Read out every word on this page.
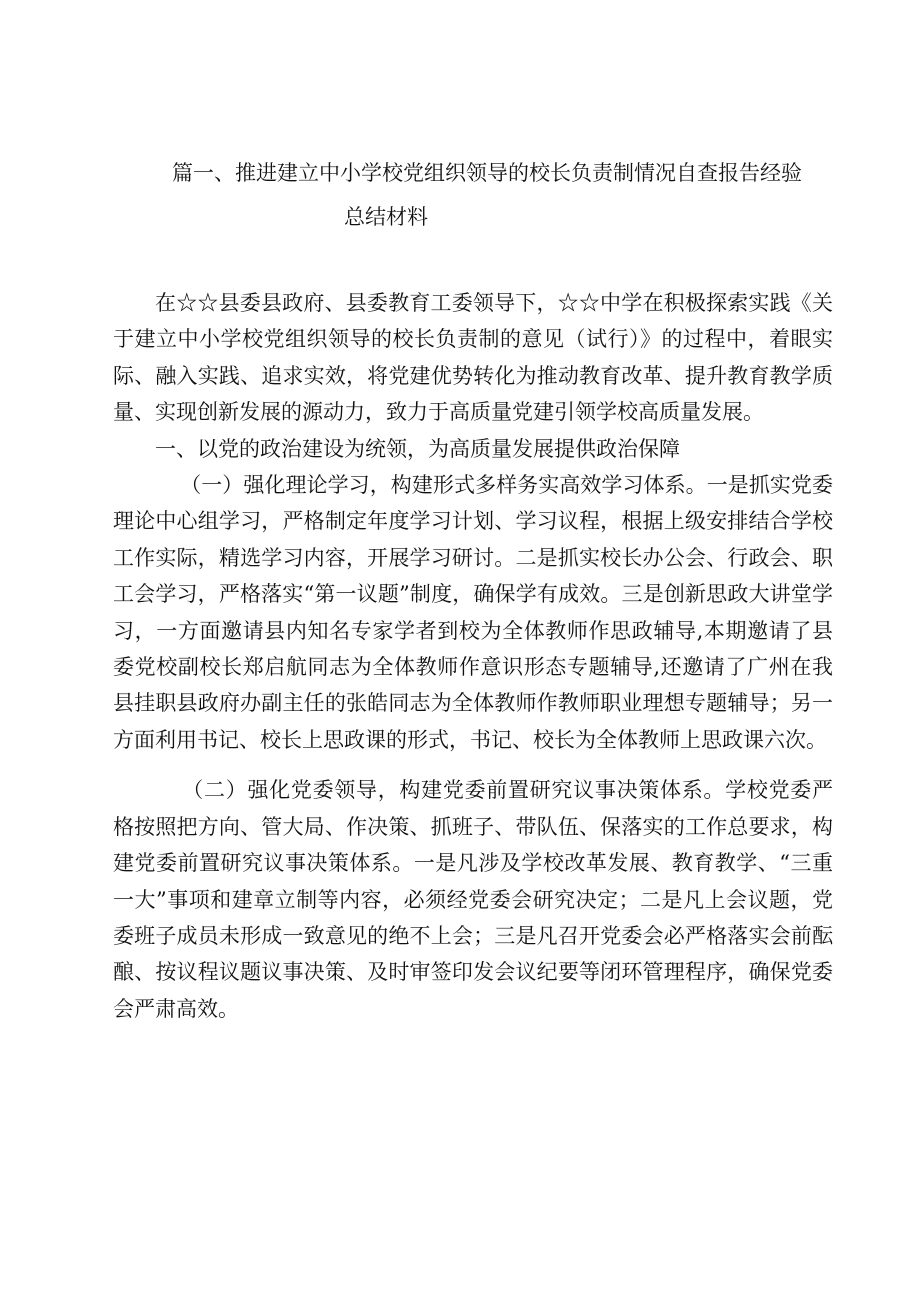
篇一、推进建立中小学校党组织领导的校长负责制情况自查报告经验
总结材料

在☆☆县委县政府、县委教育工委领导下，☆☆中学在积极探索实践《关于建立中小学校党组织领导的校长负责制的意见（试行）》的过程中，着眼实际、融入实践、追求实效，将党建优势转化为推动教育改革、提升教育教学质量、实现创新发展的源动力，致力于高质量党建引领学校高质量发展。

一、以党的政治建设为统领，为高质量发展提供政治保障

（一）强化理论学习，构建形式多样务实高效学习体系。一是抓实党委理论中心组学习，严格制定年度学习计划、学习议程，根据上级安排结合学校工作实际，精选学习内容，开展学习研讨。二是抓实校长办公会、行政会、职工会学习，严格落实“第一议题”制度，确保学有成效。三是创新思政大讲堂学习，一方面邀请县内知名专家学者到校为全体教师作思政辅导,本期邀请了县委党校副校长郑启航同志为全体教师作意识形态专题辅导,还邀请了广州在我县挂职县政府办副主任的张皓同志为全体教师作教师职业理想专题辅导；另一方面利用书记、校长上思政课的形式，书记、校长为全体教师上思政课六次。

（二）强化党委领导，构建党委前置研究议事决策体系。学校党委严格按照把方向、管大局、作决策、抓班子、带队伍、保落实的工作总要求，构建党委前置研究议事决策体系。一是凡涉及学校改革发展、教育教学、“三重一大”事项和建章立制等内容，必须经党委会研究决定；二是凡上会议题，党委班子成员未形成一致意见的绝不上会；三是凡召开党委会必严格落实会前酝酿、按议程议题议事决策、及时审签印发会议纪要等闭环管理程序，确保党委会严肃高效。
